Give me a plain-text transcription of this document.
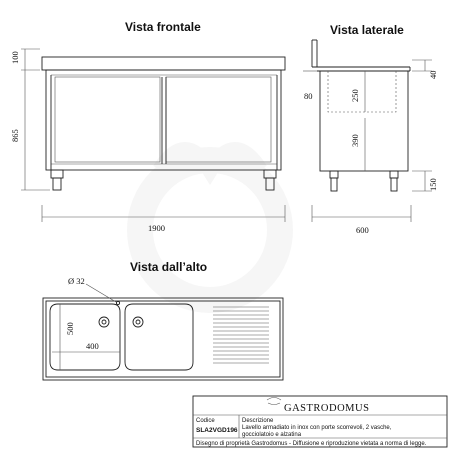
Vista frontale	Vista laterale
Vista dall’alto
100
865
1900
40
250
390
150
80
600
Ø 32
500
400
GASTRODOMUS
Codice
SLA2VGD196
Descrizione
Lavello armadiato in inox con porte scorrevoli, 2 vasche,
gocciolatoio e alzatina
Disegno di proprietà Gastrodomus - Diffusione e riproduzione vietata a norma di legge.
